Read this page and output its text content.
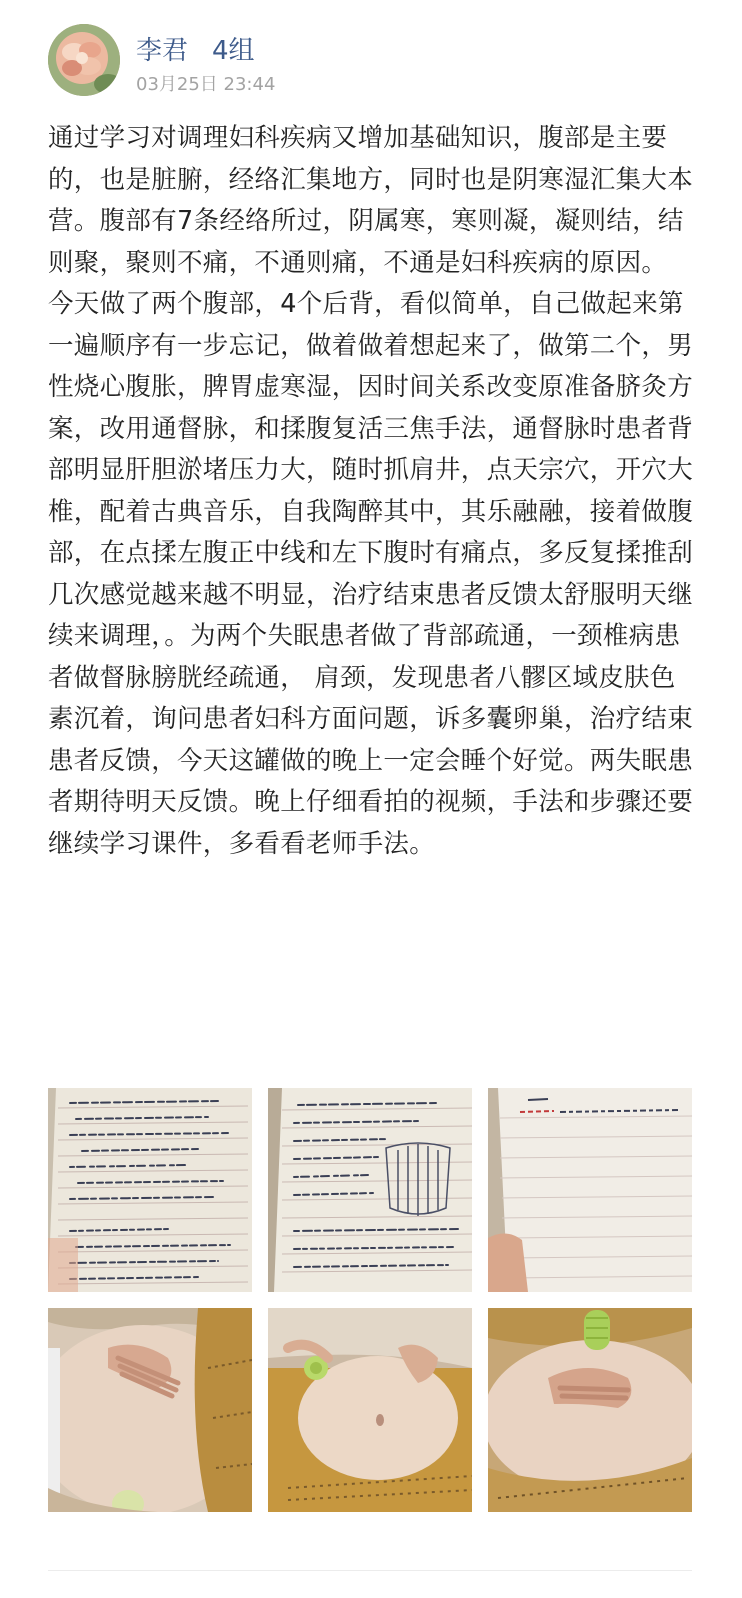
李君 4组
03月25日 23:44

通过学习对调理妇科疾病又增加基础知识，腹部是主要的，也是脏腑，经络汇集地方，同时也是阴寒湿汇集大本营。腹部有7条经络所过，阴属寒，寒则凝，凝则结，结则聚，聚则不痛，不通则痛，不通是妇科疾病的原因。

今天做了两个腹部，4个后背，看似简单，自己做起来第一遍顺序有一步忘记，做着做着想起来了，做第二个，男性烧心腹胀，脾胃虚寒湿，因时间关系改变原准备脐灸方案，改用通督脉，和揉腹复活三焦手法，通督脉时患者背部明显肝胆淤堵压力大，随时抓肩井，点天宗穴，开穴大椎，配着古典音乐，自我陶醉其中，其乐融融，接着做腹部，在点揉左腹正中线和左下腹时有痛点，多反复揉推刮几次感觉越来越不明显，治疗结束患者反馈太舒服明天继续来调理，。为两个失眠患者做了背部疏通，一颈椎病患者做督脉膀胱经疏通， 肩颈，发现患者八髎区域皮肤色素沉着，询问患者妇科方面问题，诉多囊卵巢，治疗结束患者反馈，今天这罐做的晚上一定会睡个好觉。两失眠患者期待明天反馈。晚上仔细看拍的视频，手法和步骤还要继续学习课件，多看看老师手法。
